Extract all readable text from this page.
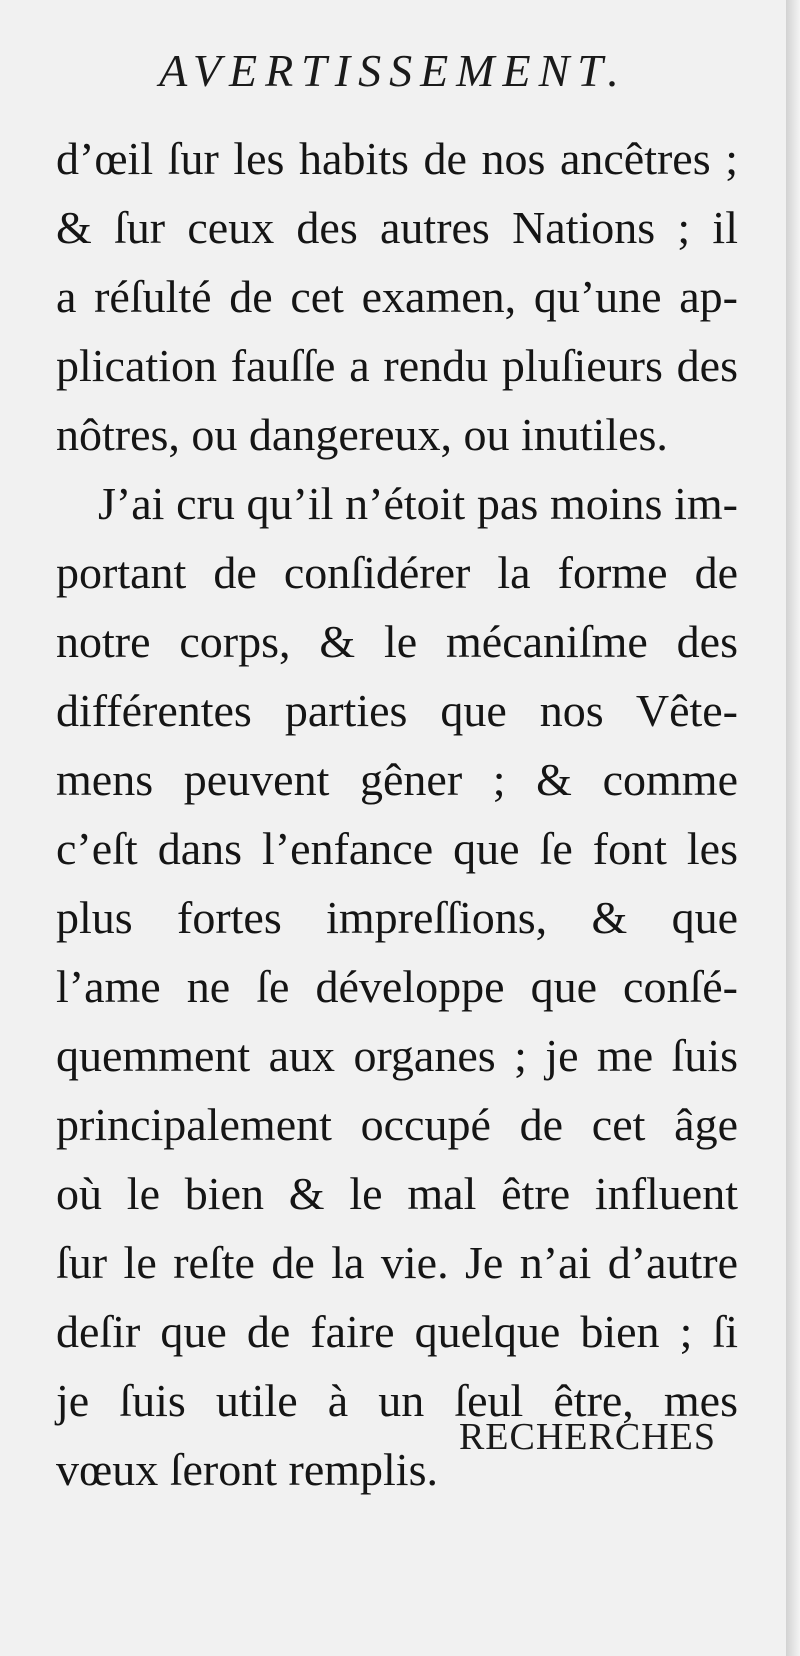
AVERTISSEMENT.
d’œil ſur les habits de nos ancêtres ;
& ſur ceux des autres Nations ; il
a réſulté de cet examen, qu’une ap-
plication fauſſe a rendu pluſieurs des
nôtres, ou dangereux, ou inutiles.
J’ai cru qu’il n’étoit pas moins im-
portant de conſidérer la forme de
notre corps, & le mécaniſme des
différentes parties que nos Vête-
mens peuvent gêner ; & comme
c’eſt dans l’enfance que ſe font les
plus fortes impreſſions, & que
l’ame ne ſe développe que conſé-
quemment aux organes ; je me ſuis
principalement occupé de cet âge
où le bien & le mal être influent
ſur le reſte de la vie. Je n’ai d’autre
deſir que de faire quelque bien ; ſi
je ſuis utile à un ſeul être, mes
vœux ſeront remplis.
RECHERCHES
